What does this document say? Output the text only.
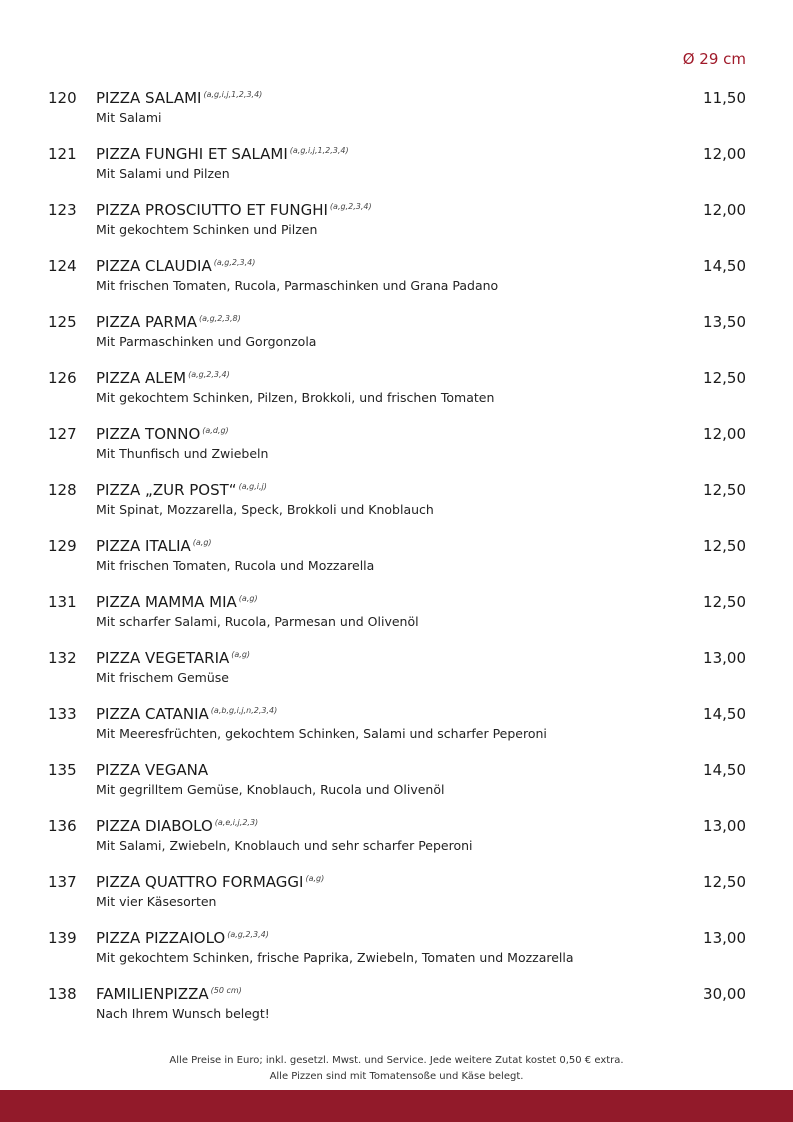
Ø 29 cm
120 PIZZA SALAMI $^{(a,g,i,j,1,2,3,4)}$
Mit Salami
11,50
121 PIZZA FUNGHI ET SALAMI $^{(a,g,i,j,1,2,3,4)}$
Mit Salami und Pilzen
12,00
123 PIZZA PROSCIUTTO ET FUNGHI $^{(a,g,2,3,4)}$
Mit gekochtem Schinken und Pilzen
12,00
124 PIZZA CLAUDIA $^{(a,g,2,3,4)}$
Mit frischen Tomaten, Rucola, Parmaschinken und Grana Padano
14,50
125 PIZZA PARMA $^{(a,g,2,3,8)}$
Mit Parmaschinken und Gorgonzola
13,50
126 PIZZA ALEM $^{(a,g,2,3,4)}$
Mit gekochtem Schinken, Pilzen, Brokkoli, und frischen Tomaten
12,50
127 PIZZA TONNO $^{(a,d,g)}$
Mit Thunfisch und Zwiebeln
12,00
128 PIZZA „ZUR POST“ $^{(a,g,i,j)}$
Mit Spinat, Mozzarella, Speck, Brokkoli und Knoblauch
12,50
129 PIZZA ITALIA $^{(a,g)}$
Mit frischen Tomaten, Rucola und Mozzarella
12,50
131 PIZZA MAMMA MIA $^{(a,g)}$
Mit scharfer Salami, Rucola, Parmesan und Olivenöl
12,50
132 PIZZA VEGETARIA $^{(a,g)}$
Mit frischem Gemüse
13,00
133 PIZZA CATANIA $^{(a,b,g,i,j,n,2,3,4)}$
Mit Meeresfrüchten, gekochtem Schinken, Salami und scharfer Peperoni
14,50
135 PIZZA VEGANA
Mit gegrilltem Gemüse, Knoblauch, Rucola und Olivenöl
14,50
136 PIZZA DIABOLO $^{(a,e,i,j,2,3)}$
Mit Salami, Zwiebeln, Knoblauch und sehr scharfer Peperoni
13,00
137 PIZZA QUATTRO FORMAGGI $^{(a,g)}$
Mit vier Käsesorten
12,50
139 PIZZA PIZZAIOLO $^{(a,g,2,3,4)}$
Mit gekochtem Schinken, frische Paprika, Zwiebeln, Tomaten und Mozzarella
13,00
138 FAMILIENPIZZA $^{(50 cm)}$
Nach Ihrem Wunsch belegt!
30,00
Alle Preise in Euro; inkl. gesetzl. Mwst. und Service. Jede weitere Zutat kostet 0,50 € extra.
Alle Pizzen sind mit Tomatensoße und Käse belegt.
